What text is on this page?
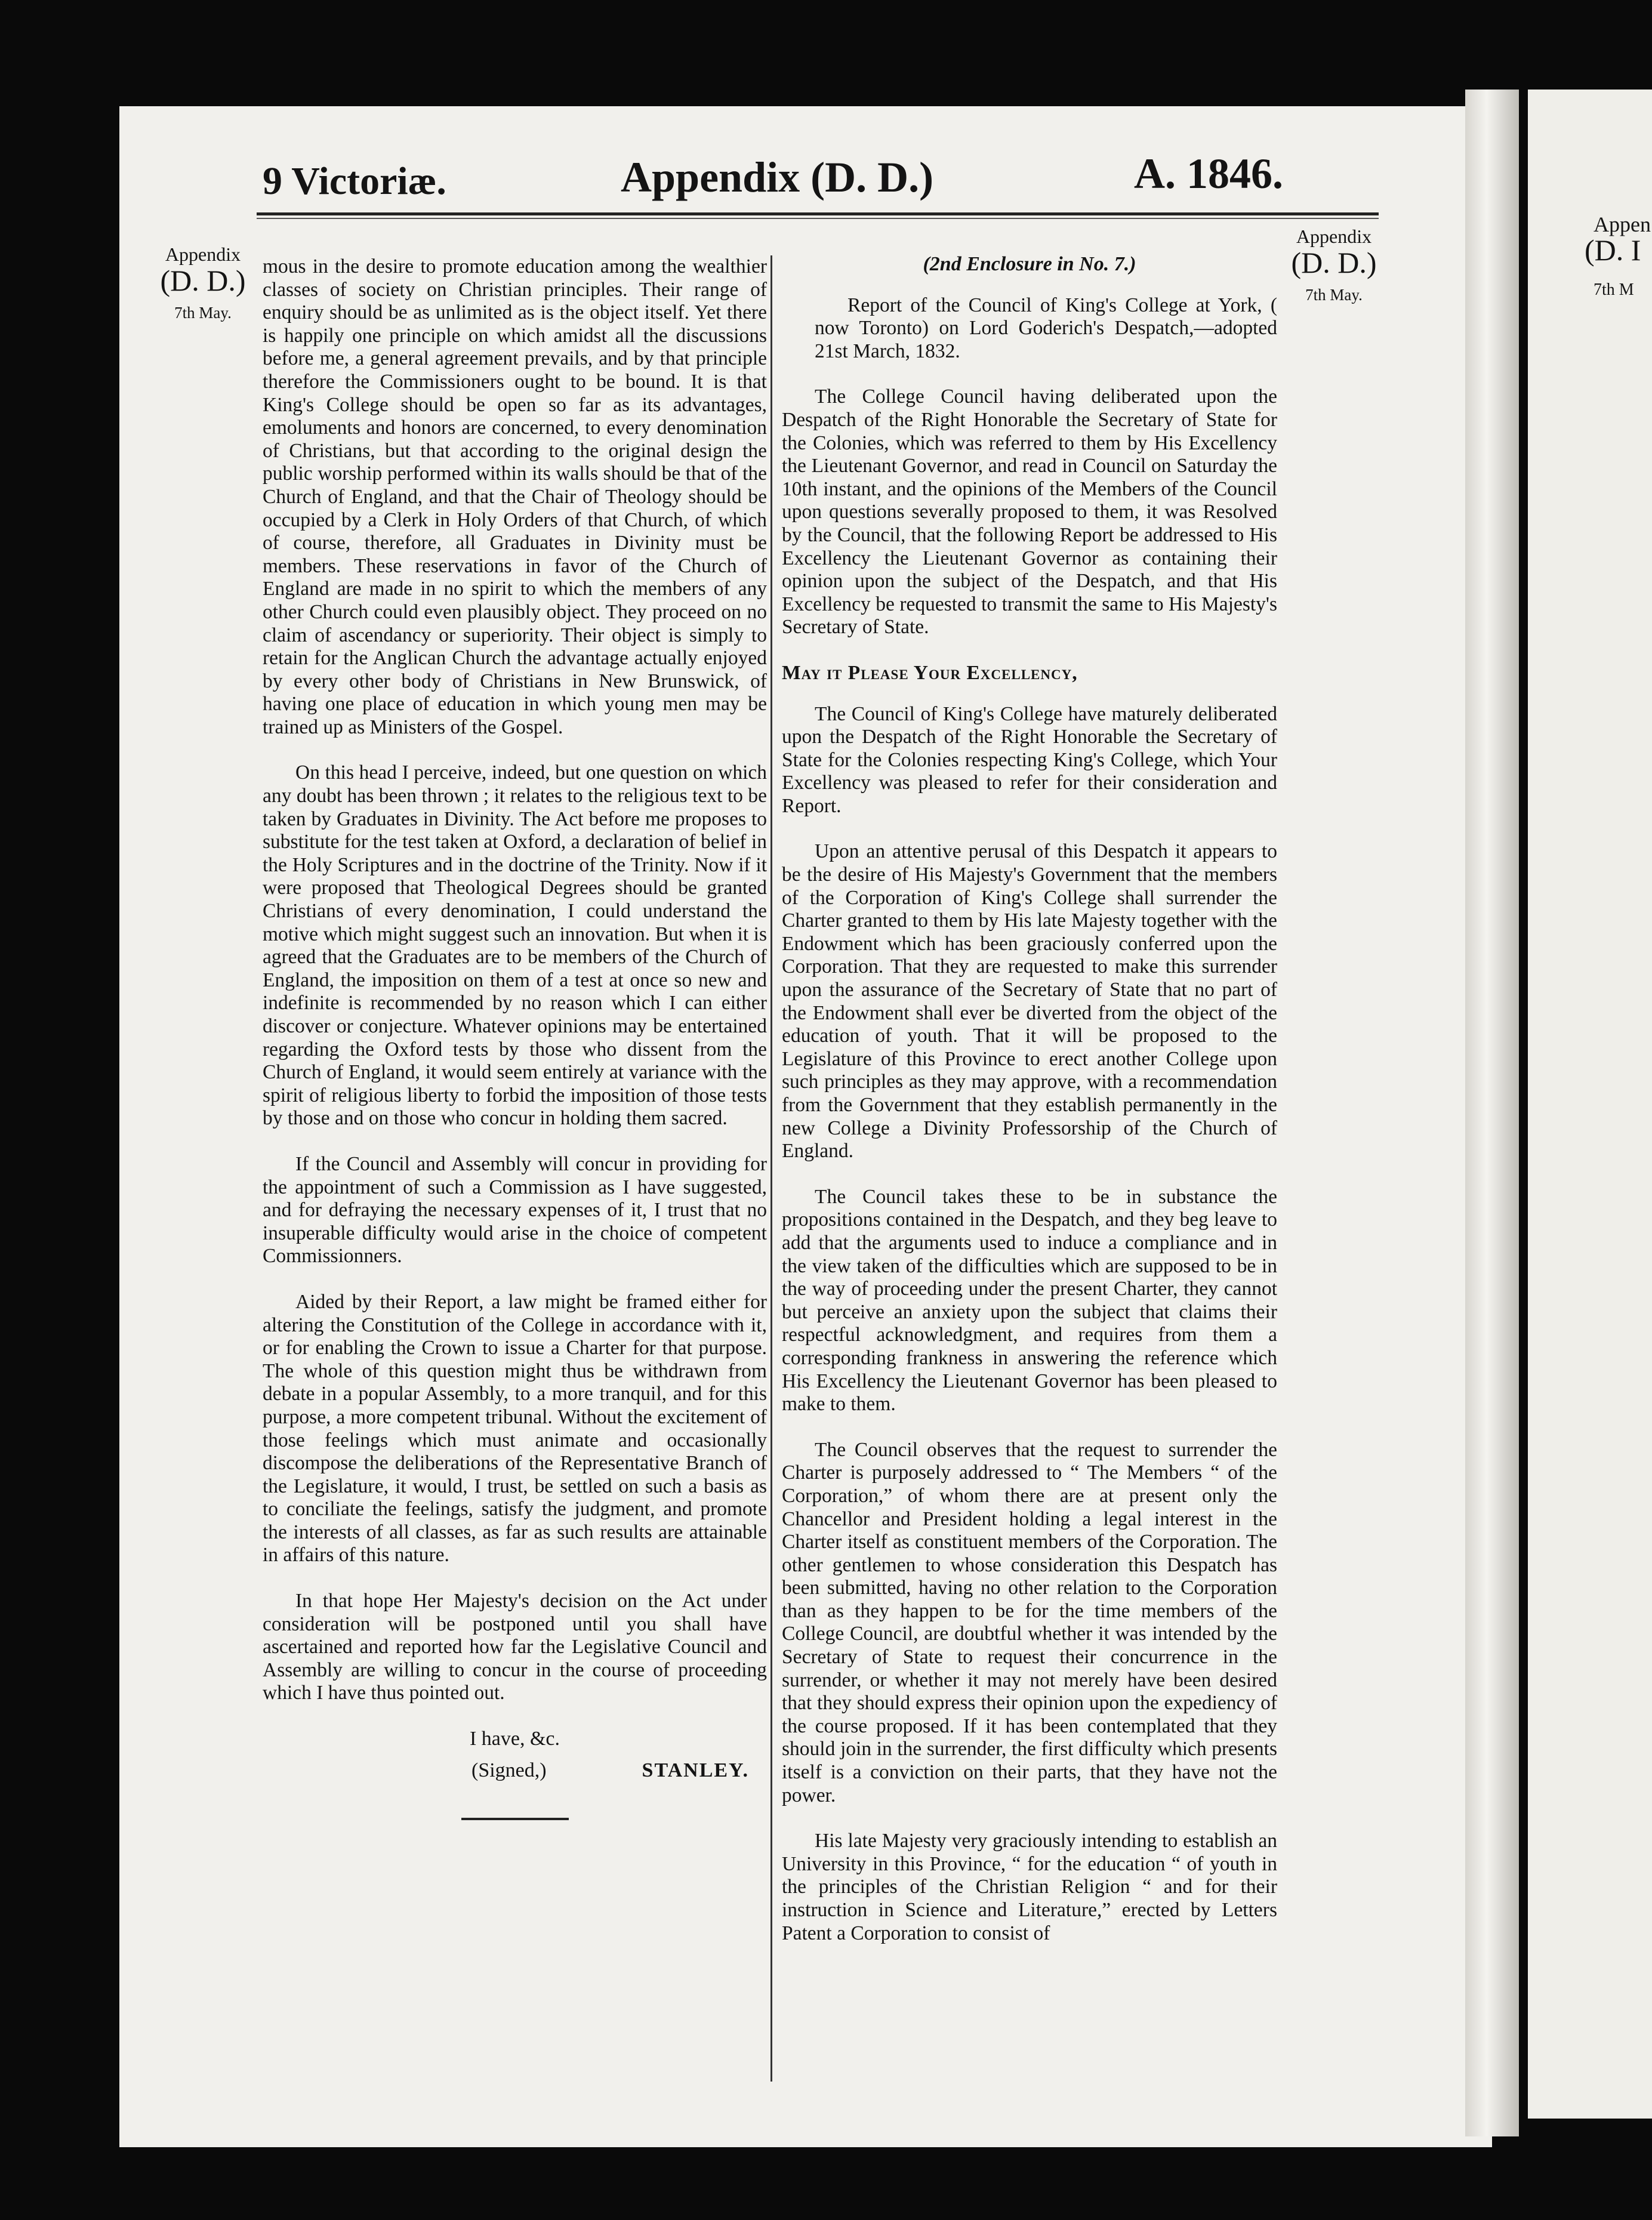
Appen
(D. I
7th M
9 Victoriæ.	Appendix (D. D.)	A. 1846.
Appendix
(D. D.)
7th May.
Appendix
(D. D.)
7th May.

mous in the desire to promote education among the wealthier classes of society on Christian principles. Their range of enquiry should be as unlimited as is the object itself. Yet there is happily one principle on which amidst all the discussions before me, a general agreement prevails, and by that principle therefore the Commissioners ought to be bound. It is that King's College should be open so far as its advantages, emoluments and honors are concerned, to every denomination of Christians, but that according to the original design the public worship performed within its walls should be that of the Church of England, and that the Chair of Theology should be occupied by a Clerk in Holy Orders of that Church, of which of course, therefore, all Graduates in Divinity must be members. These reservations in favor of the Church of England are made in no spirit to which the members of any other Church could even plausibly object. They proceed on no claim of ascendancy or superiority. Their object is simply to retain for the Anglican Church the advantage actually enjoyed by every other body of Christians in New Brunswick, of having one place of education in which young men may be trained up as Ministers of the Gospel.

On this head I perceive, indeed, but one question on which any doubt has been thrown ; it relates to the religious text to be taken by Graduates in Divinity. The Act before me proposes to substitute for the test taken at Oxford, a declaration of belief in the Holy Scriptures and in the doctrine of the Trinity. Now if it were proposed that Theological Degrees should be granted Christians of every denomination, I could understand the motive which might suggest such an innovation. But when it is agreed that the Graduates are to be members of the Church of England, the imposition on them of a test at once so new and indefinite is recommended by no reason which I can either discover or conjecture. Whatever opinions may be entertained regarding the Oxford tests by those who dissent from the Church of England, it would seem entirely at variance with the spirit of religious liberty to forbid the imposition of those tests by those and on those who concur in holding them sacred.

If the Council and Assembly will concur in providing for the appointment of such a Commission as I have suggested, and for defraying the necessary expenses of it, I trust that no insuperable difficulty would arise in the choice of competent Commissionners.

Aided by their Report, a law might be framed either for altering the Constitution of the College in accordance with it, or for enabling the Crown to issue a Charter for that purpose. The whole of this question might thus be withdrawn from debate in a popular Assembly, to a more tranquil, and for this purpose, a more competent tribunal. Without the excitement of those feelings which must animate and occasionally discompose the deliberations of the Representative Branch of the Legislature, it would, I trust, be settled on such a basis as to conciliate the feelings, satisfy the judgment, and promote the interests of all classes, as far as such results are attainable in affairs of this nature.

In that hope Her Majesty's decision on the Act under consideration will be postponed until you shall have ascertained and reported how far the Legislative Council and Assembly are willing to concur in the course of proceeding which I have thus pointed out.

I have, &c.
(Signed,)	STANLEY.
(2nd Enclosure in No. 7.)

Report of the Council of King's College at York, ( now Toronto) on Lord Goderich's Despatch,—adopted 21st March, 1832.

The College Council having deliberated upon the Despatch of the Right Honorable the Secretary of State for the Colonies, which was referred to them by His Excellency the Lieutenant Governor, and read in Council on Saturday the 10th instant, and the opinions of the Members of the Council upon questions severally proposed to them, it was Resolved by the Council, that the following Report be addressed to His Excellency the Lieutenant Governor as containing their opinion upon the subject of the Despatch, and that His Excellency be requested to transmit the same to His Majesty's Secretary of State.

May it Please Your Excellency,

The Council of King's College have maturely deliberated upon the Despatch of the Right Honorable the Secretary of State for the Colonies respecting King's College, which Your Excellency was pleased to refer for their consideration and Report.

Upon an attentive perusal of this Despatch it appears to be the desire of His Majesty's Government that the members of the Corporation of King's College shall surrender the Charter granted to them by His late Majesty together with the Endowment which has been graciously conferred upon the Corporation. That they are requested to make this surrender upon the assurance of the Secretary of State that no part of the Endowment shall ever be diverted from the object of the education of youth. That it will be proposed to the Legislature of this Province to erect another College upon such principles as they may approve, with a recommendation from the Government that they establish permanently in the new College a Divinity Professorship of the Church of England.

The Council takes these to be in substance the propositions contained in the Despatch, and they beg leave to add that the arguments used to induce a compliance and in the view taken of the difficulties which are supposed to be in the way of proceeding under the present Charter, they cannot but perceive an anxiety upon the subject that claims their respectful acknowledgment, and requires from them a corresponding frankness in answering the reference which His Excellency the Lieutenant Governor has been pleased to make to them.

The Council observes that the request to surrender the Charter is purposely addressed to “ The Members “ of the Corporation,” of whom there are at present only the Chancellor and President holding a legal interest in the Charter itself as constituent members of the Corporation. The other gentlemen to whose consideration this Despatch has been submitted, having no other relation to the Corporation than as they happen to be for the time members of the College Council, are doubtful whether it was intended by the Secretary of State to request their concurrence in the surrender, or whether it may not merely have been desired that they should express their opinion upon the expediency of the course proposed. If it has been contemplated that they should join in the surrender, the first difficulty which presents itself is a conviction on their parts, that they have not the power.

His late Majesty very graciously intending to establish an University in this Province, “ for the education “ of youth in the principles of the Christian Religion “ and for their instruction in Science and Literature,” erected by Letters Patent a Corporation to consist of
